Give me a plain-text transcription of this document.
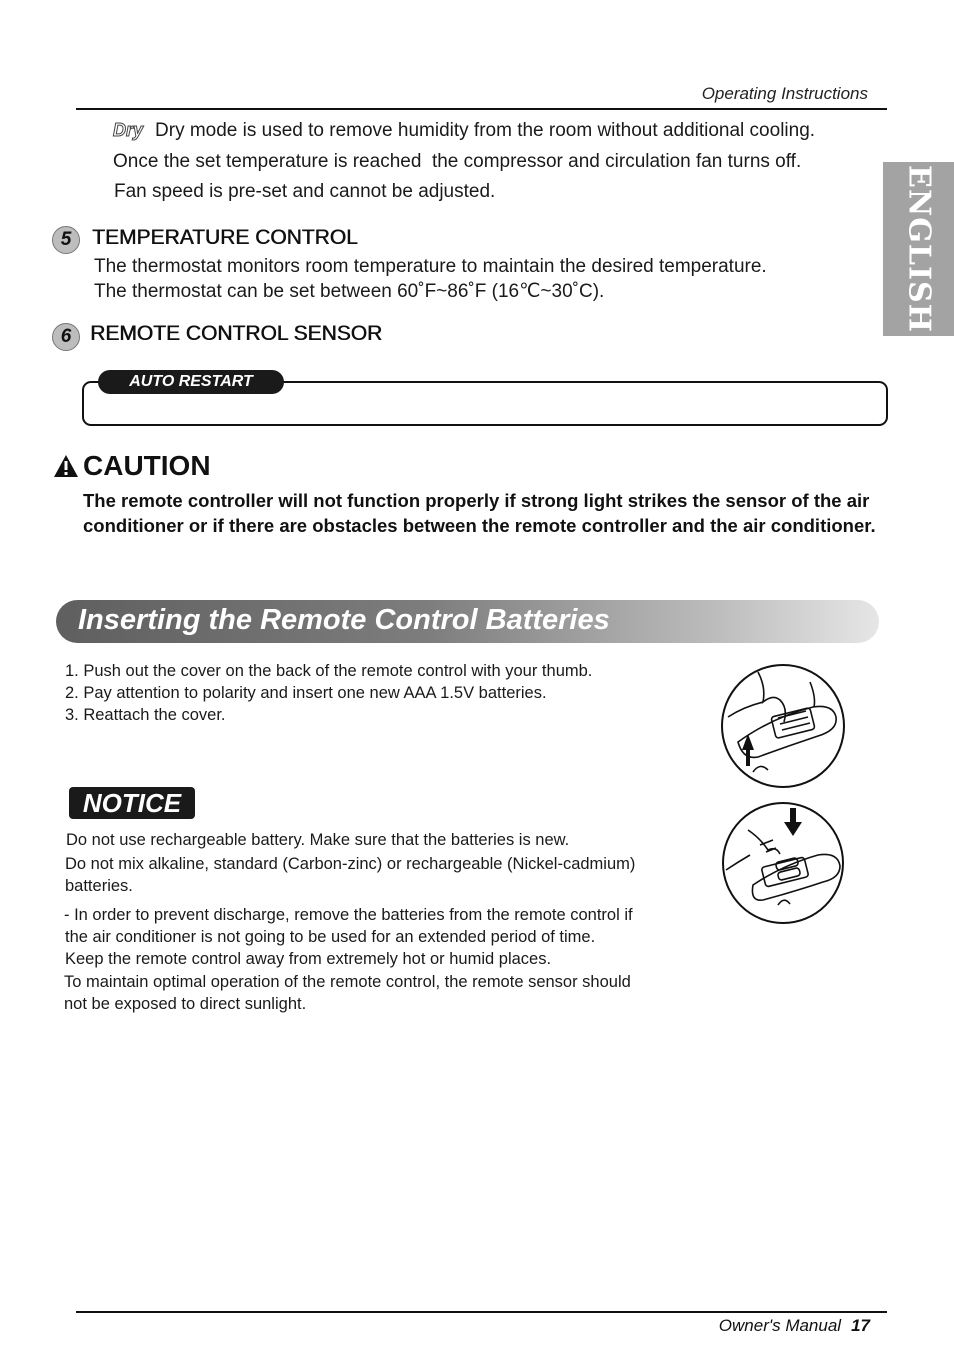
Operating Instructions
ENGLISH
Dry Dry mode is used to remove humidity from the room without additional cooling.
Once the set temperature is reached  the compressor and circulation fan turns off.
Fan speed is pre-set and cannot be adjusted.
5 TEMPERATURE CONTROL
The thermostat monitors room temperature to maintain the desired temperature.
The thermostat can be set between 60˚F~86˚F (16℃~30˚C).
6 REMOTE CONTROL SENSOR
AUTO RESTART
CAUTION
The remote controller will not function properly if strong light strikes the sensor of the air
conditioner or if there are obstacles between the remote controller and the air conditioner.
Inserting the Remote Control Batteries
1. Push out the cover on the back of the remote control with your thumb.
2. Pay attention to polarity and insert one new AAA 1.5V batteries.
3. Reattach the cover.
NOTICE
Do not use rechargeable battery. Make sure that the batteries is new.
Do not mix alkaline, standard (Carbon-zinc) or rechargeable (Nickel-cadmium)
batteries.
- In order to prevent discharge, remove the batteries from the remote control if
the air conditioner is not going to be used for an extended period of time.
Keep the remote control away from extremely hot or humid places.
To maintain optimal operation of the remote control, the remote sensor should
not be exposed to direct sunlight.
Owner's Manual 17
